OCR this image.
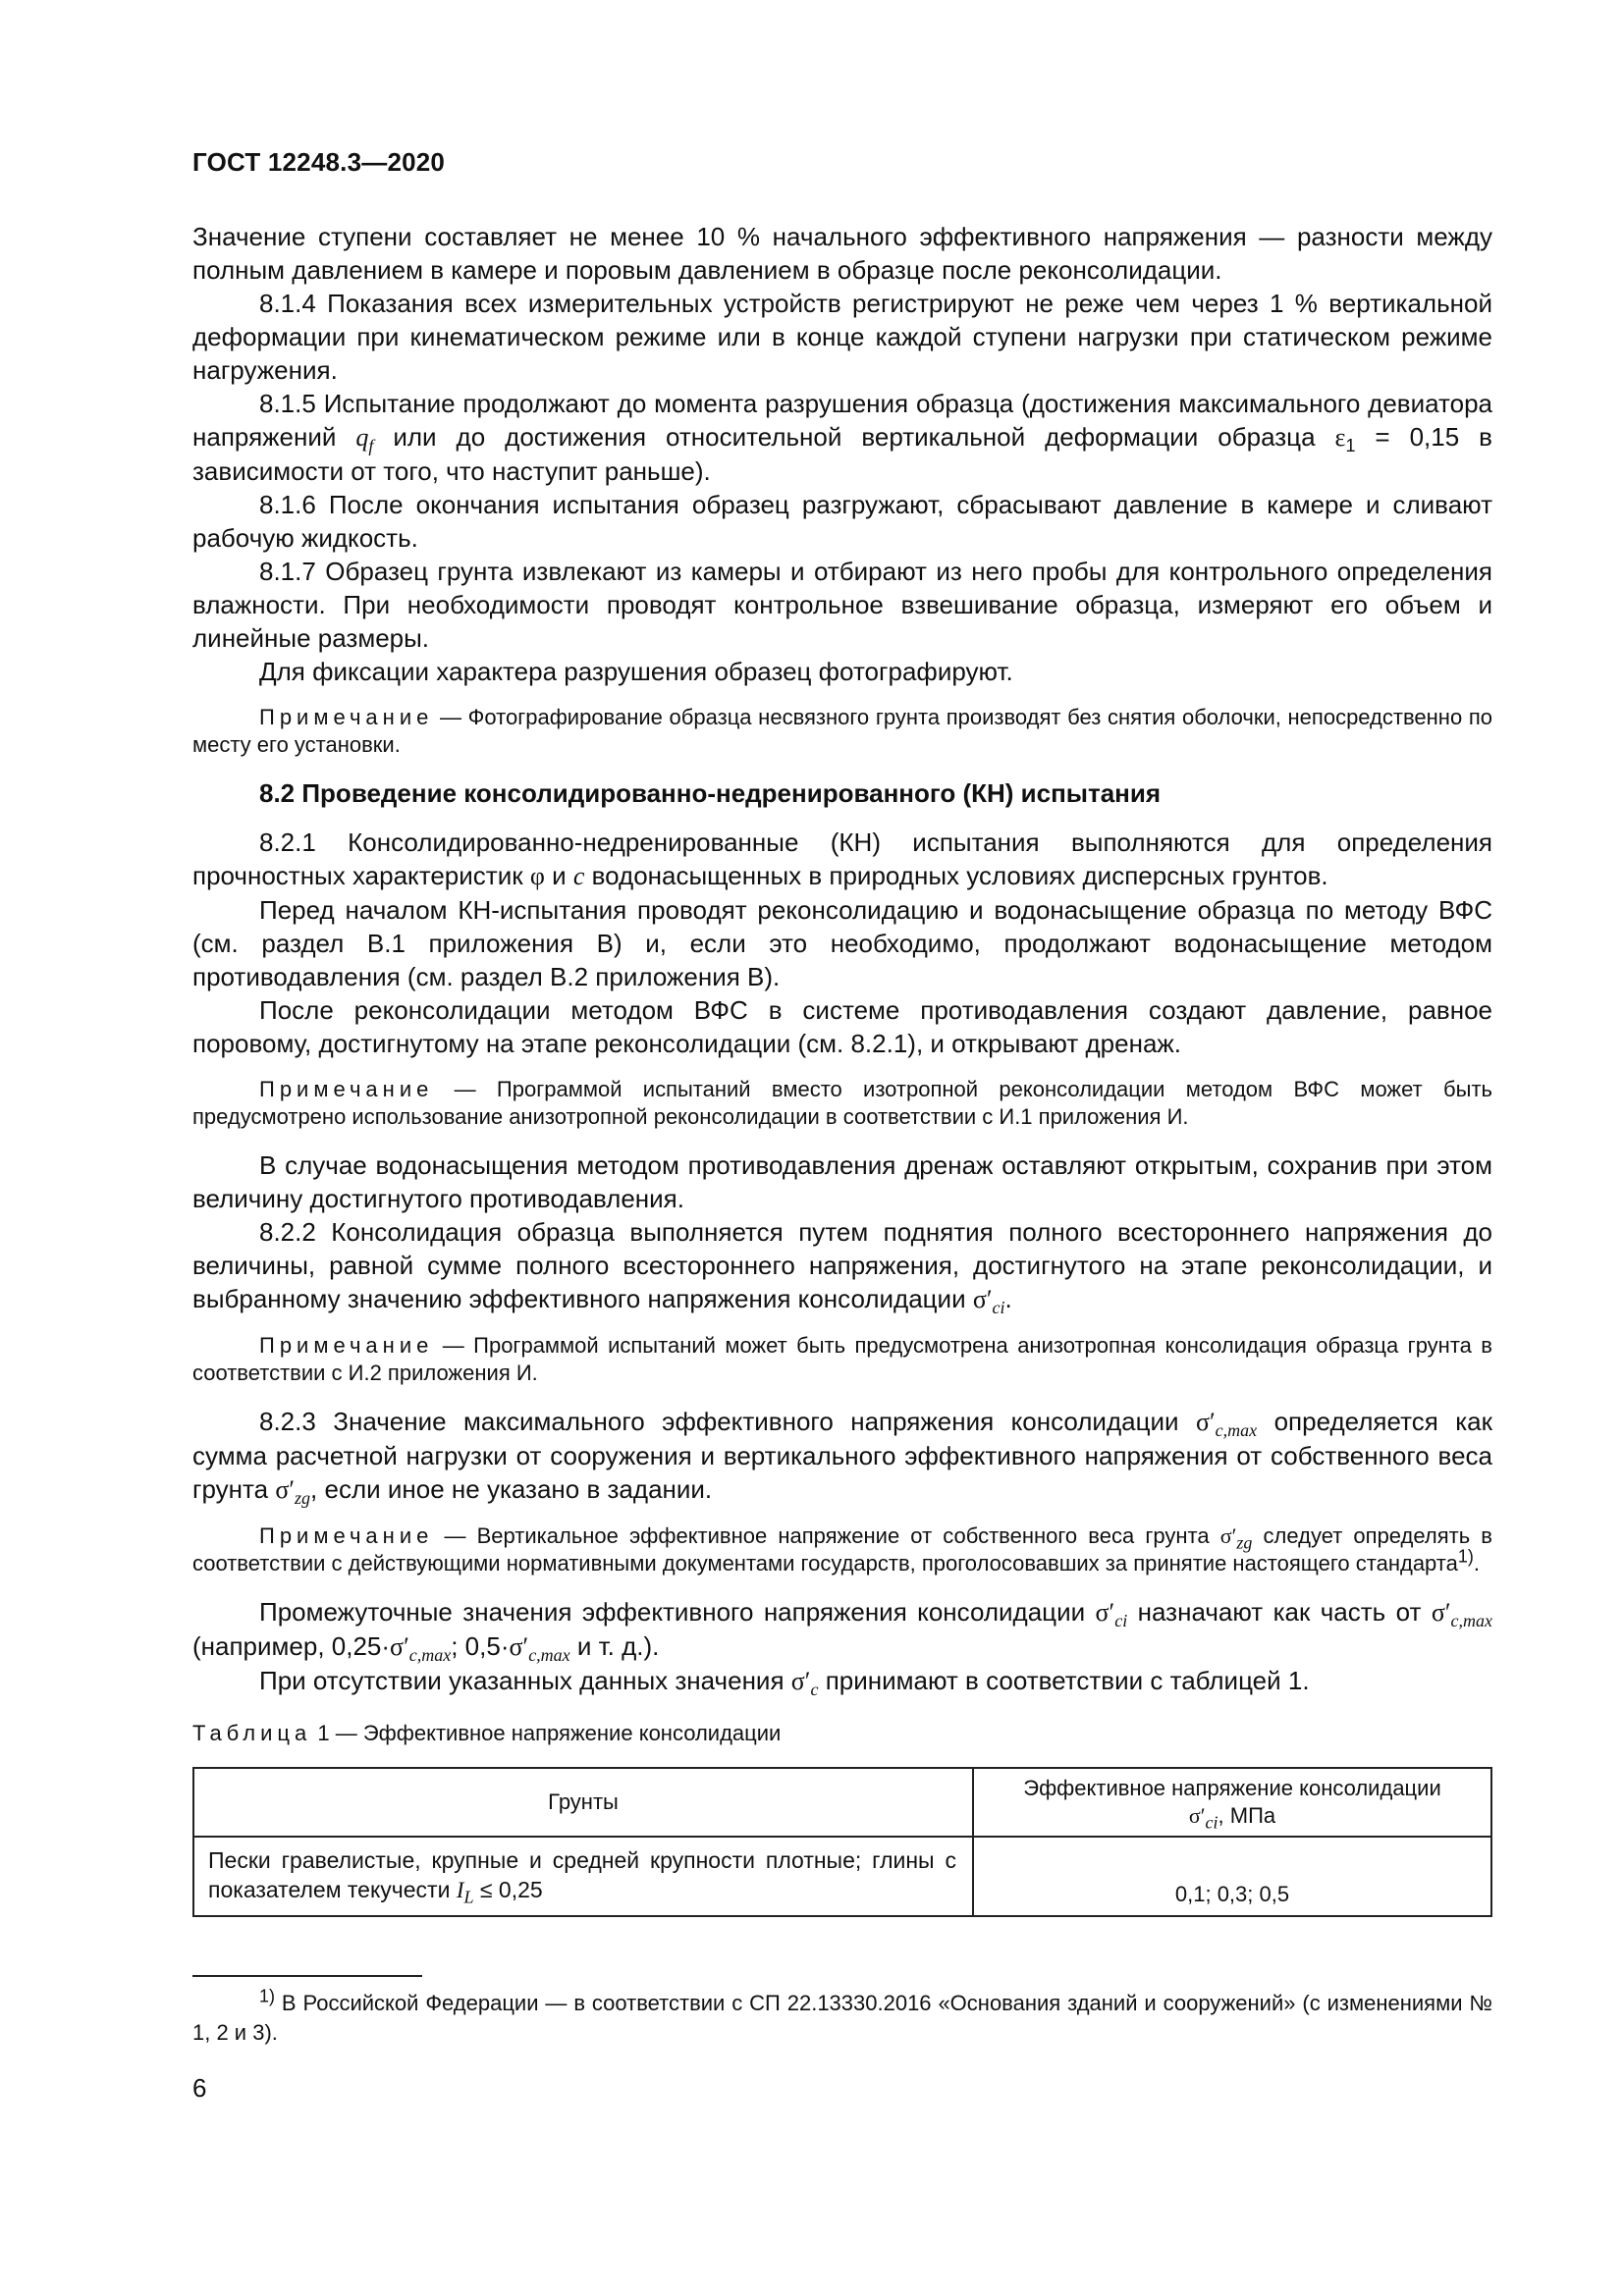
ГОСТ 12248.3—2020

Значение ступени составляет не менее 10 % начального эффективного напряжения — разности между полным давлением в камере и поровым давлением в образце после реконсолидации.

8.1.4 Показания всех измерительных устройств регистрируют не реже чем через 1 % вертикальной деформации при кинематическом режиме или в конце каждой ступени нагрузки при статическом режиме нагружения.

8.1.5 Испытание продолжают до момента разрушения образца (достижения максимального девиатора напряжений $q_f$ или до достижения относительной вертикальной деформации образца $\varepsilon_1 = 0,15$ в зависимости от того, что наступит раньше).

8.1.6 После окончания испытания образец разгружают, сбрасывают давление в камере и сливают рабочую жидкость.

8.1.7 Образец грунта извлекают из камеры и отбирают из него пробы для контрольного определения влажности. При необходимости проводят контрольное взвешивание образца, измеряют его объем и линейные размеры.

Для фиксации характера разрушения образец фотографируют.

Примечание — Фотографирование образца несвязного грунта производят без снятия оболочки, непосредственно по месту его установки.
8.2 Проведение консолидированно-недренированного (КН) испытания

8.2.1 Консолидированно-недренированные (КН) испытания выполняются для определения прочностных характеристик φ и c водонасыщенных в природных условиях дисперсных грунтов.

Перед началом КН-испытания проводят реконсолидацию и водонасыщение образца по методу ВФС (см. раздел В.1 приложения В) и, если это необходимо, продолжают водонасыщение методом противодавления (см. раздел В.2 приложения В).

После реконсолидации методом ВФС в системе противодавления создают давление, равное поровому, достигнутому на этапе реконсолидации (см. 8.2.1), и открывают дренаж.

Примечание — Программой испытаний вместо изотропной реконсолидации методом ВФС может быть предусмотрено использование анизотропной реконсолидации в соответствии с И.1 приложения И.

В случае водонасыщения методом противодавления дренаж оставляют открытым, сохранив при этом величину достигнутого противодавления.

8.2.2 Консолидация образца выполняется путем поднятия полного всестороннего напряжения до величины, равной сумме полного всестороннего напряжения, достигнутого на этапе реконсолидации, и выбранному значению эффективного напряжения консолидации $\sigma'_{ci}$.

Примечание — Программой испытаний может быть предусмотрена анизотропная консолидация образца грунта в соответствии с И.2 приложения И.

8.2.3 Значение максимального эффективного напряжения консолидации $\sigma'_{c,max}$ определяется как сумма расчетной нагрузки от сооружения и вертикального эффективного напряжения от собственного веса грунта $\sigma'_{zg}$, если иное не указано в задании.

Примечание — Вертикальное эффективное напряжение от собственного веса грунта $\sigma'_{zg}$ следует определять в соответствии с действующими нормативными документами государств, проголосовавших за принятие настоящего стандарта$^{1)}$.

Промежуточные значения эффективного напряжения консолидации $\sigma'_{ci}$ назначают как часть от $\sigma'_{c,max}$ (например, $0,25\cdot\sigma'_{c,max}$; $0,5\cdot\sigma'_{c,max}$ и т. д.).

При отсутствии указанных данных значения $\sigma'_c$ принимают в соответствии с таблицей 1.

Таблица 1 — Эффективное напряжение консолидации
Грунты	Эффективное напряжение консолидации
$\sigma'_{ci}$, МПа
Пески гравелистые, крупные и средней крупности плотные; глины с показателем текучести $I_L \le 0,25$	0,1; 0,3; 0,5
$^{1)}$ В Российской Федерации — в соответствии с СП 22.13330.2016 «Основания зданий и сооружений» (с изменениями № 1, 2 и 3).
6
